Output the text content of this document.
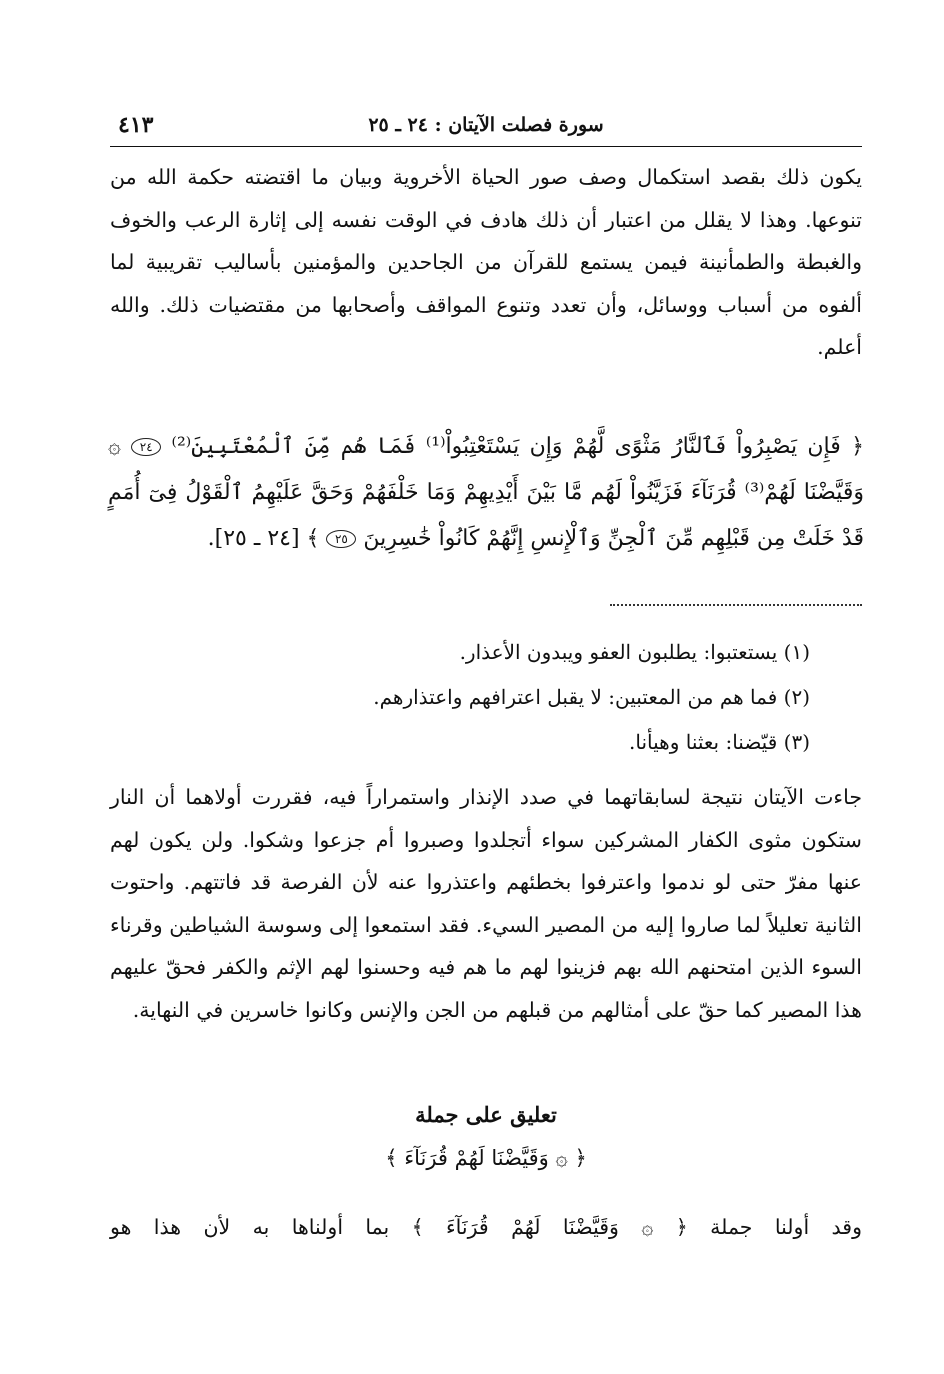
سورة فصلت الآيتان : ٢٤ ـ ٢٥
٤١٣

يكون ذلك بقصد استكمال وصف صور الحياة الأخروية وبيان ما اقتضته حكمة الله من تنوعها. وهذا لا يقلل من اعتبار أن ذلك هادف في الوقت نفسه إلى إثارة الرعب والخوف والغبطة والطمأنينة فيمن يستمع للقرآن من الجاحدين والمؤمنين بأساليب تقريبية لما ألفوه من أسباب ووسائل، وأن تعدد وتنوع المواقف وأصحابها من مقتضيات ذلك. والله أعلم.

﴿ فَإِن يَصْبِرُواْ فَٱلنَّارُ مَثْوًى لَّهُمْ وَإِن يَسْتَعْتِبُواْ⁽¹⁾ فَمَا هُم مِّنَ ٱلْمُعْتَبِينَ⁽²⁾ ٢٤ ۞ وَقَيَّضْنَا لَهُمْ⁽³⁾ قُرَنَآءَ فَزَيَّنُواْ لَهُم مَّا بَيْنَ أَيْدِيهِمْ وَمَا خَلْفَهُمْ وَحَقَّ عَلَيْهِمُ ٱلْقَوْلُ فِىٓ أُمَمٍ قَدْ خَلَتْ مِن قَبْلِهِم مِّنَ ٱلْجِنِّ وَٱلْإِنسِ إِنَّهُمْ كَانُواْ خَٰسِرِينَ ٢٥ ﴾ [٢٤ ـ ٢٥].
(١) يستعتبوا: يطلبون العفو ويبدون الأعذار.
(٢) فما هم من المعتبين: لا يقبل اعترافهم واعتذارهم.
(٣) قيّضنا: بعثنا وهيأنا.

جاءت الآيتان نتيجة لسابقاتهما في صدد الإنذار واستمراراً فيه، فقررت أولاهما أن النار ستكون مثوى الكفار المشركين سواء أتجلدوا وصبروا أم جزعوا وشكوا. ولن يكون لهم عنها مفرّ حتى لو ندموا واعترفوا بخطئهم واعتذروا عنه لأن الفرصة قد فاتتهم. واحتوت الثانية تعليلاً لما صاروا إليه من المصير السيء. فقد استمعوا إلى وسوسة الشياطين وقرناء السوء الذين امتحنهم الله بهم فزينوا لهم ما هم فيه وحسنوا لهم الإثم والكفر فحقّ عليهم هذا المصير كما حقّ على أمثالهم من قبلهم من الجن والإنس وكانوا خاسرين في النهاية.

تعليق على جملة
﴿ ۞ وَقَيَّضْنَا لَهُمْ قُرَنَآءَ ﴾
وقد أولنا جملة ﴿ ۞ وَقَيَّضْنَا لَهُمْ قُرَنَآءَ ﴾ بما أولناها به لأن هذا هو
